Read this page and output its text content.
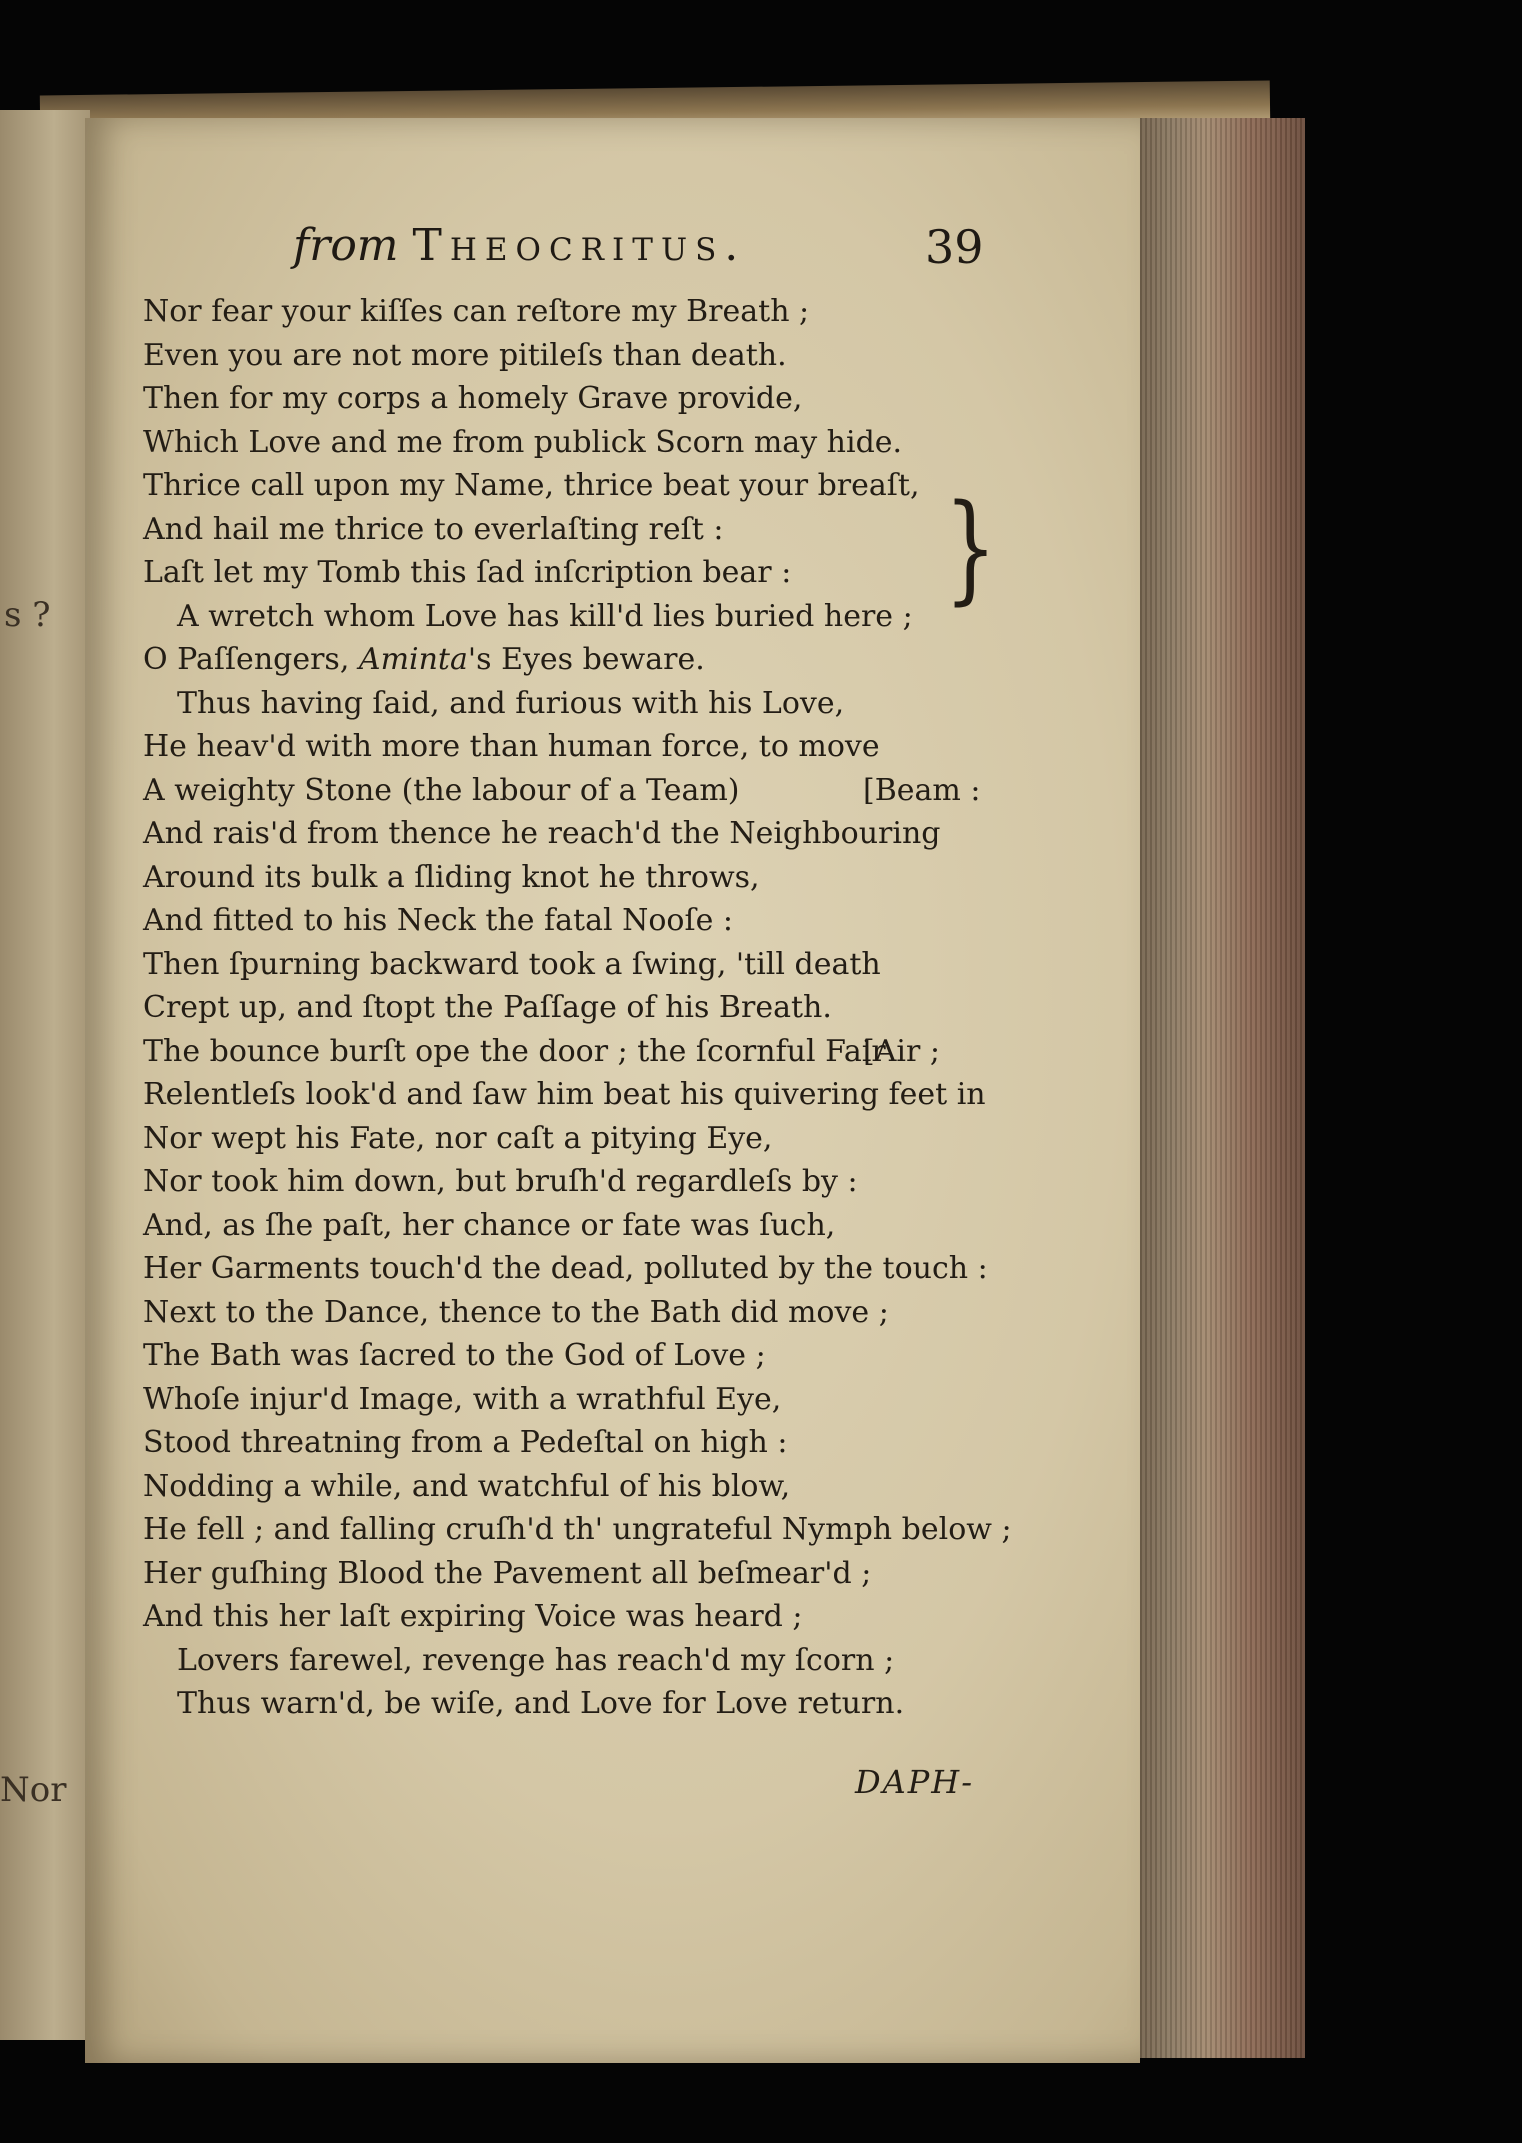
s ?
Nor
from Theocritus.	39
Nor fear your kiſſes can reſtore my Breath ;
Even you are not more pitileſs than death.
Then for my corps a homely Grave provide,
Which Love and me from publick Scorn may hide.
Thrice call upon my Name, thrice beat your breaſt,
And hail me thrice to everlaſting reſt :
Laſt let my Tomb this ſad inſcription bear :
A wretch whom Love has kill'd lies buried here ;
O Paſſengers, Aminta's Eyes beware.
Thus having ſaid, and furious with his Love,
He heav'd with more than human force, to move
A weighty Stone (the labour of a Team)	[Beam :
And rais'd from thence he reach'd the Neighbouring
Around its bulk a ſliding knot he throws,
And fitted to his Neck the fatal Nooſe :
Then ſpurning backward took a ſwing, 'till death
Crept up, and ſtopt the Paſſage of his Breath.
The bounce burſt ope the door ; the ſcornful Fair
[Air ;
Relentleſs look'd and ſaw him beat his quivering feet in
Nor wept his Fate, nor caſt a pitying Eye,
Nor took him down, but bruſh'd regardleſs by :
And, as ſhe paſt, her chance or fate was ſuch,
Her Garments touch'd the dead, polluted by the touch :
Next to the Dance, thence to the Bath did move ;
The Bath was ſacred to the God of Love ;
Whoſe injur'd Image, with a wrathful Eye,
Stood threatning from a Pedeſtal on high :
Nodding a while, and watchful of his blow,
He fell ; and falling cruſh'd th' ungrateful Nymph below ;
Her guſhing Blood the Pavement all beſmear'd ;
And this her laſt expiring Voice was heard ;
Lovers farewel, revenge has reach'd my ſcorn ;
Thus warn'd, be wiſe, and Love for Love return.
}
DAPH-
